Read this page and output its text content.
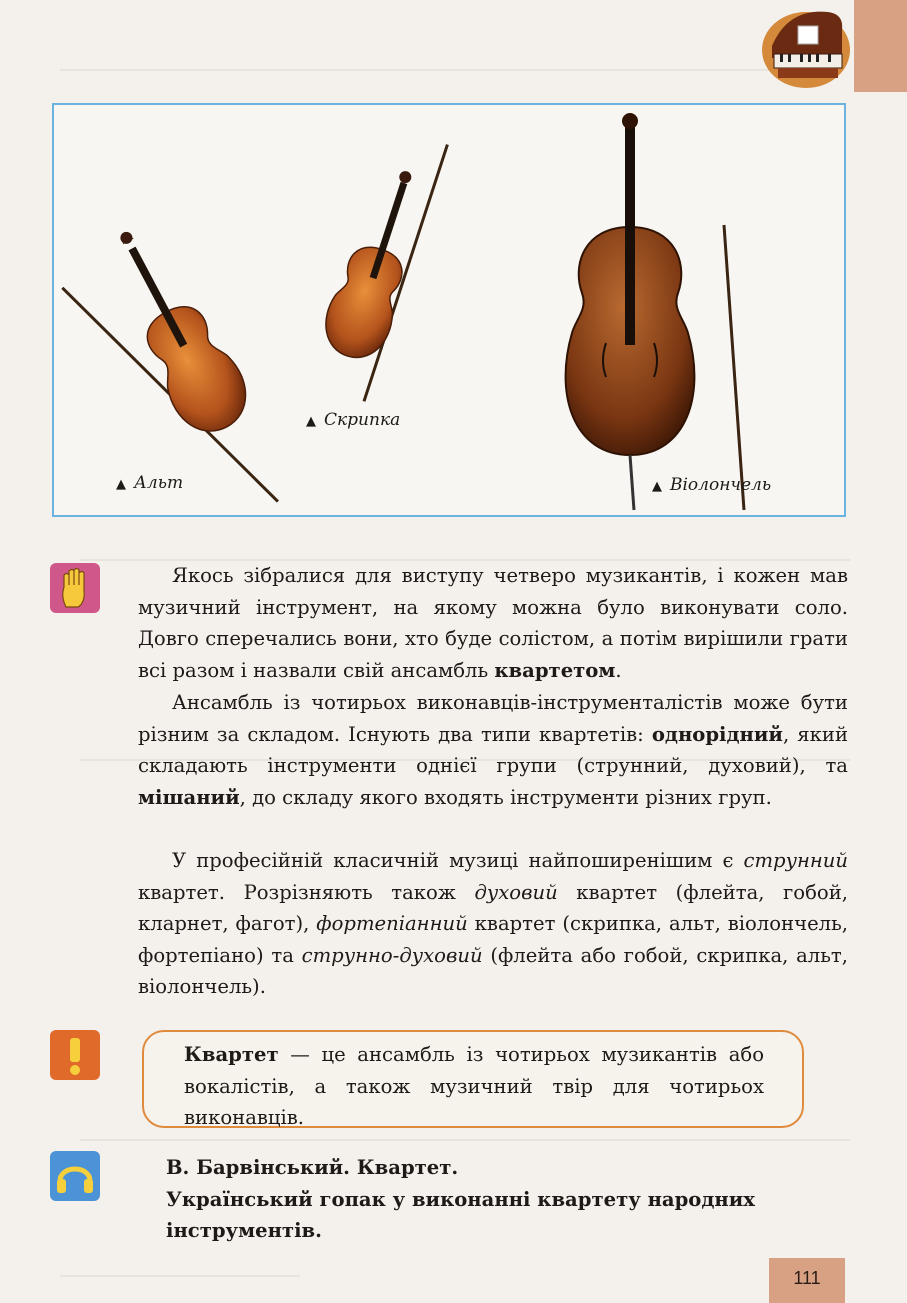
▲ Альт
▲ Скрипка
▲ Віолончель

Якось зібралися для виступу четверо музикантів, і кожен мав музичний інструмент, на якому можна було виконувати соло. Довго сперечались вони, хто буде солістом, а потім вирішили грати всі разом і назвали свій ансамбль квартетом.

Ансамбль із чотирьох виконавців-інструменталістів може бути різним за складом. Існують два типи квартетів: однорідний, який складають інструменти однієї групи (струнний, духовий), та мішаний, до складу якого входять інструменти різних груп.

У професійній класичній музиці найпоширенішим є струнний квартет. Розрізняють також духовий квартет (флейта, гобой, кларнет, фагот), фортепіанний квартет (скрипка, альт, віолончель, фортепіано) та струнно-духовий (флейта або гобой, скрипка, альт, віолончель).

Квартет — це ансамбль із чотирьох музикантів або вокалістів, а також музичний твір для чотирьох виконавців.

В. Барвінський. Квартет.
Український гопак у виконанні квартету народних інструментів.

111
